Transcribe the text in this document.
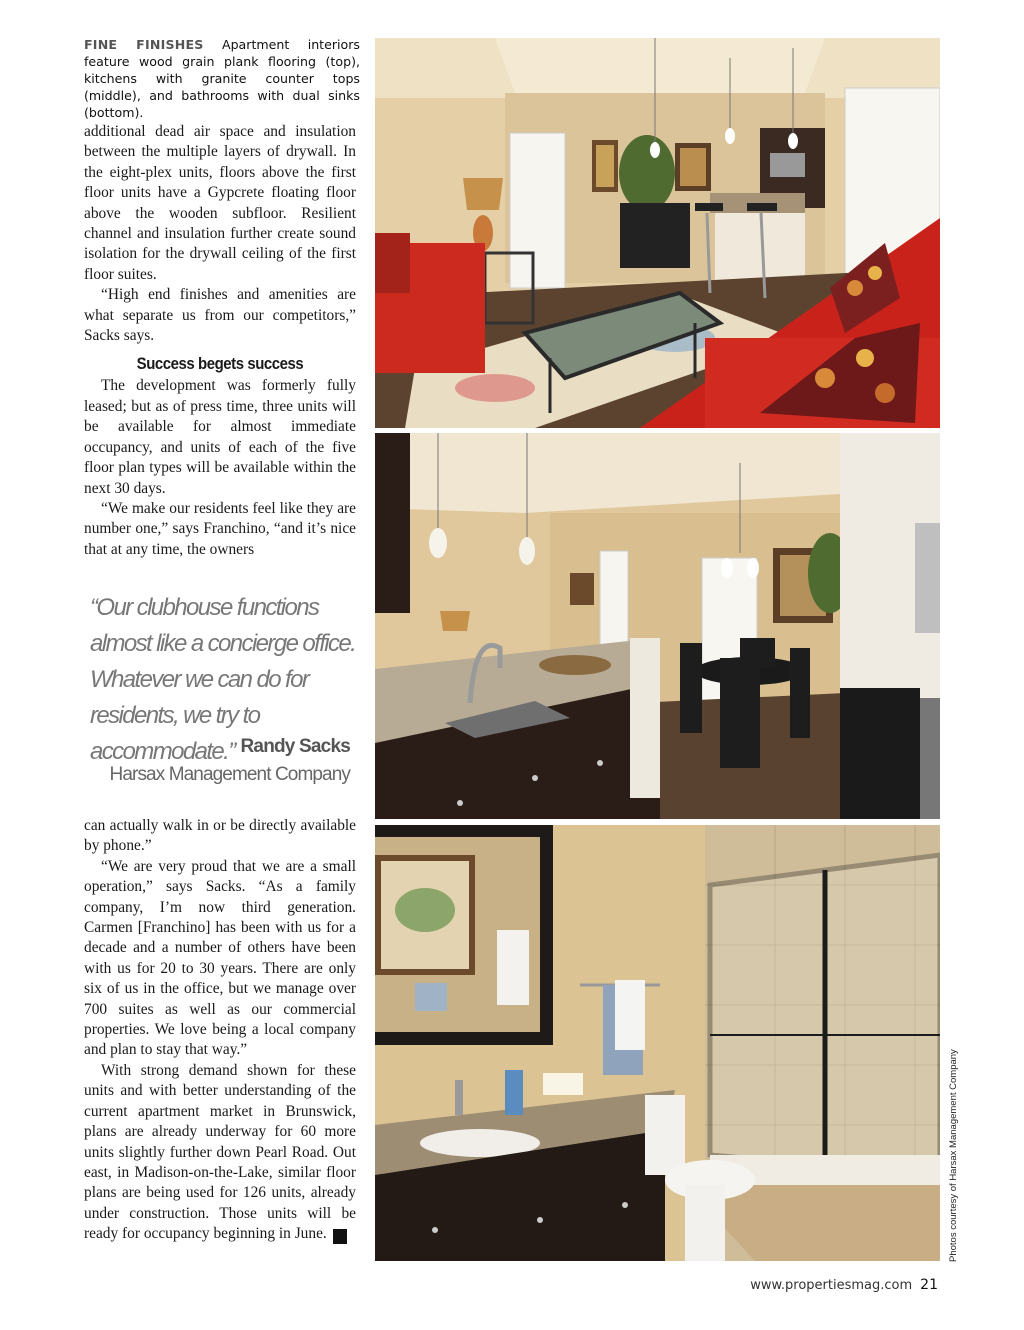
FINE FINISHES Apartment interiors feature wood grain plank flooring (top), kitchens with granite counter tops (middle), and bathrooms with dual sinks (bottom).

additional dead air space and insulation between the multiple layers of drywall. In the eight-plex units, floors above the first floor units have a Gypcrete floating floor above the wooden subfloor. Resilient channel and insulation further create sound isolation for the drywall ceiling of the first floor suites.

“High end finishes and amenities are what separate us from our competitors,” Sacks says.

Success begets success

The development was formerly fully leased; but as of press time, three units will be available for almost immediate occupancy, and units of each of the five floor plan types will be available within the next 30 days.

“We make our residents feel like they are number one,” says Franchino, “and it’s nice that at any time, the owners

“Our clubhouse functions almost like a concierge office. Whatever we can do for residents, we try to accommodate.” Randy Sacks
Harsax Management Company

can actually walk in or be directly available by phone.”

“We are very proud that we are a small operation,” says Sacks. “As a family company, I’m now third generation. Carmen [Franchino] has been with us for a decade and a number of others have been with us for 20 to 30 years. There are only six of us in the office, but we manage over 700 suites as well as our commercial properties. We love being a local company and plan to stay that way.”

With strong demand shown for these units and with better understanding of the current apartment market in Brunswick, plans are already underway for 60 more units slightly further down Pearl Road. Out east, in Madison-on-the-Lake, similar floor plans are being used for 126 units, already under construction. Those units will be ready for occupancy beginning in June. P	Photos courtesy of Harsax Management Company
www.propertiesmag.com 21
